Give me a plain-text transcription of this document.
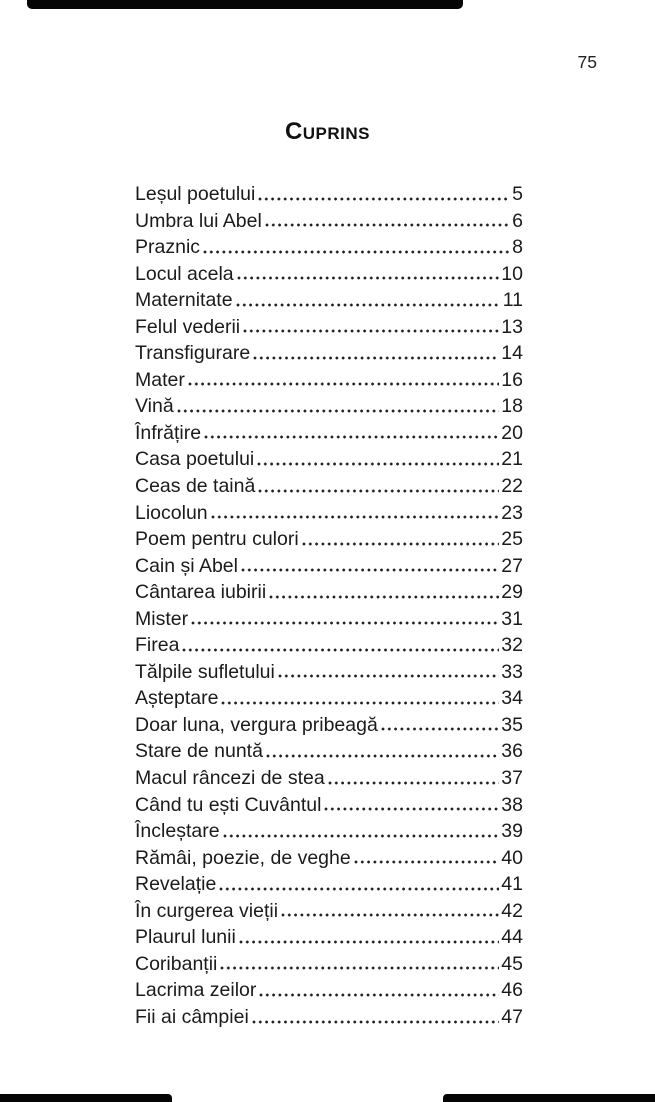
75
Cuprins
Leșul poetului	5
Umbra lui Abel	6
Praznic	8
Locul acela	10
Maternitate	11
Felul vederii	13
Transfigurare	14
Mater	16
Vină	18
Înfrățire	20
Casa poetului	21
Ceas de taină	22
Liocolun	23
Poem pentru culori	25
Cain și Abel	27
Cântarea iubirii	29
Mister	31
Firea	32
Tălpile sufletului	33
Așteptare	34
Doar luna, vergura pribeagă	35
Stare de nuntă	36
Macul râncezi de stea	37
Când tu ești Cuvântul	38
Încleștare	39
Rămâi, poezie, de veghe	40
Revelație	41
În curgerea vieții	42
Plaurul lunii	44
Coribanții	45
Lacrima zeilor	46
Fii ai câmpiei	47
